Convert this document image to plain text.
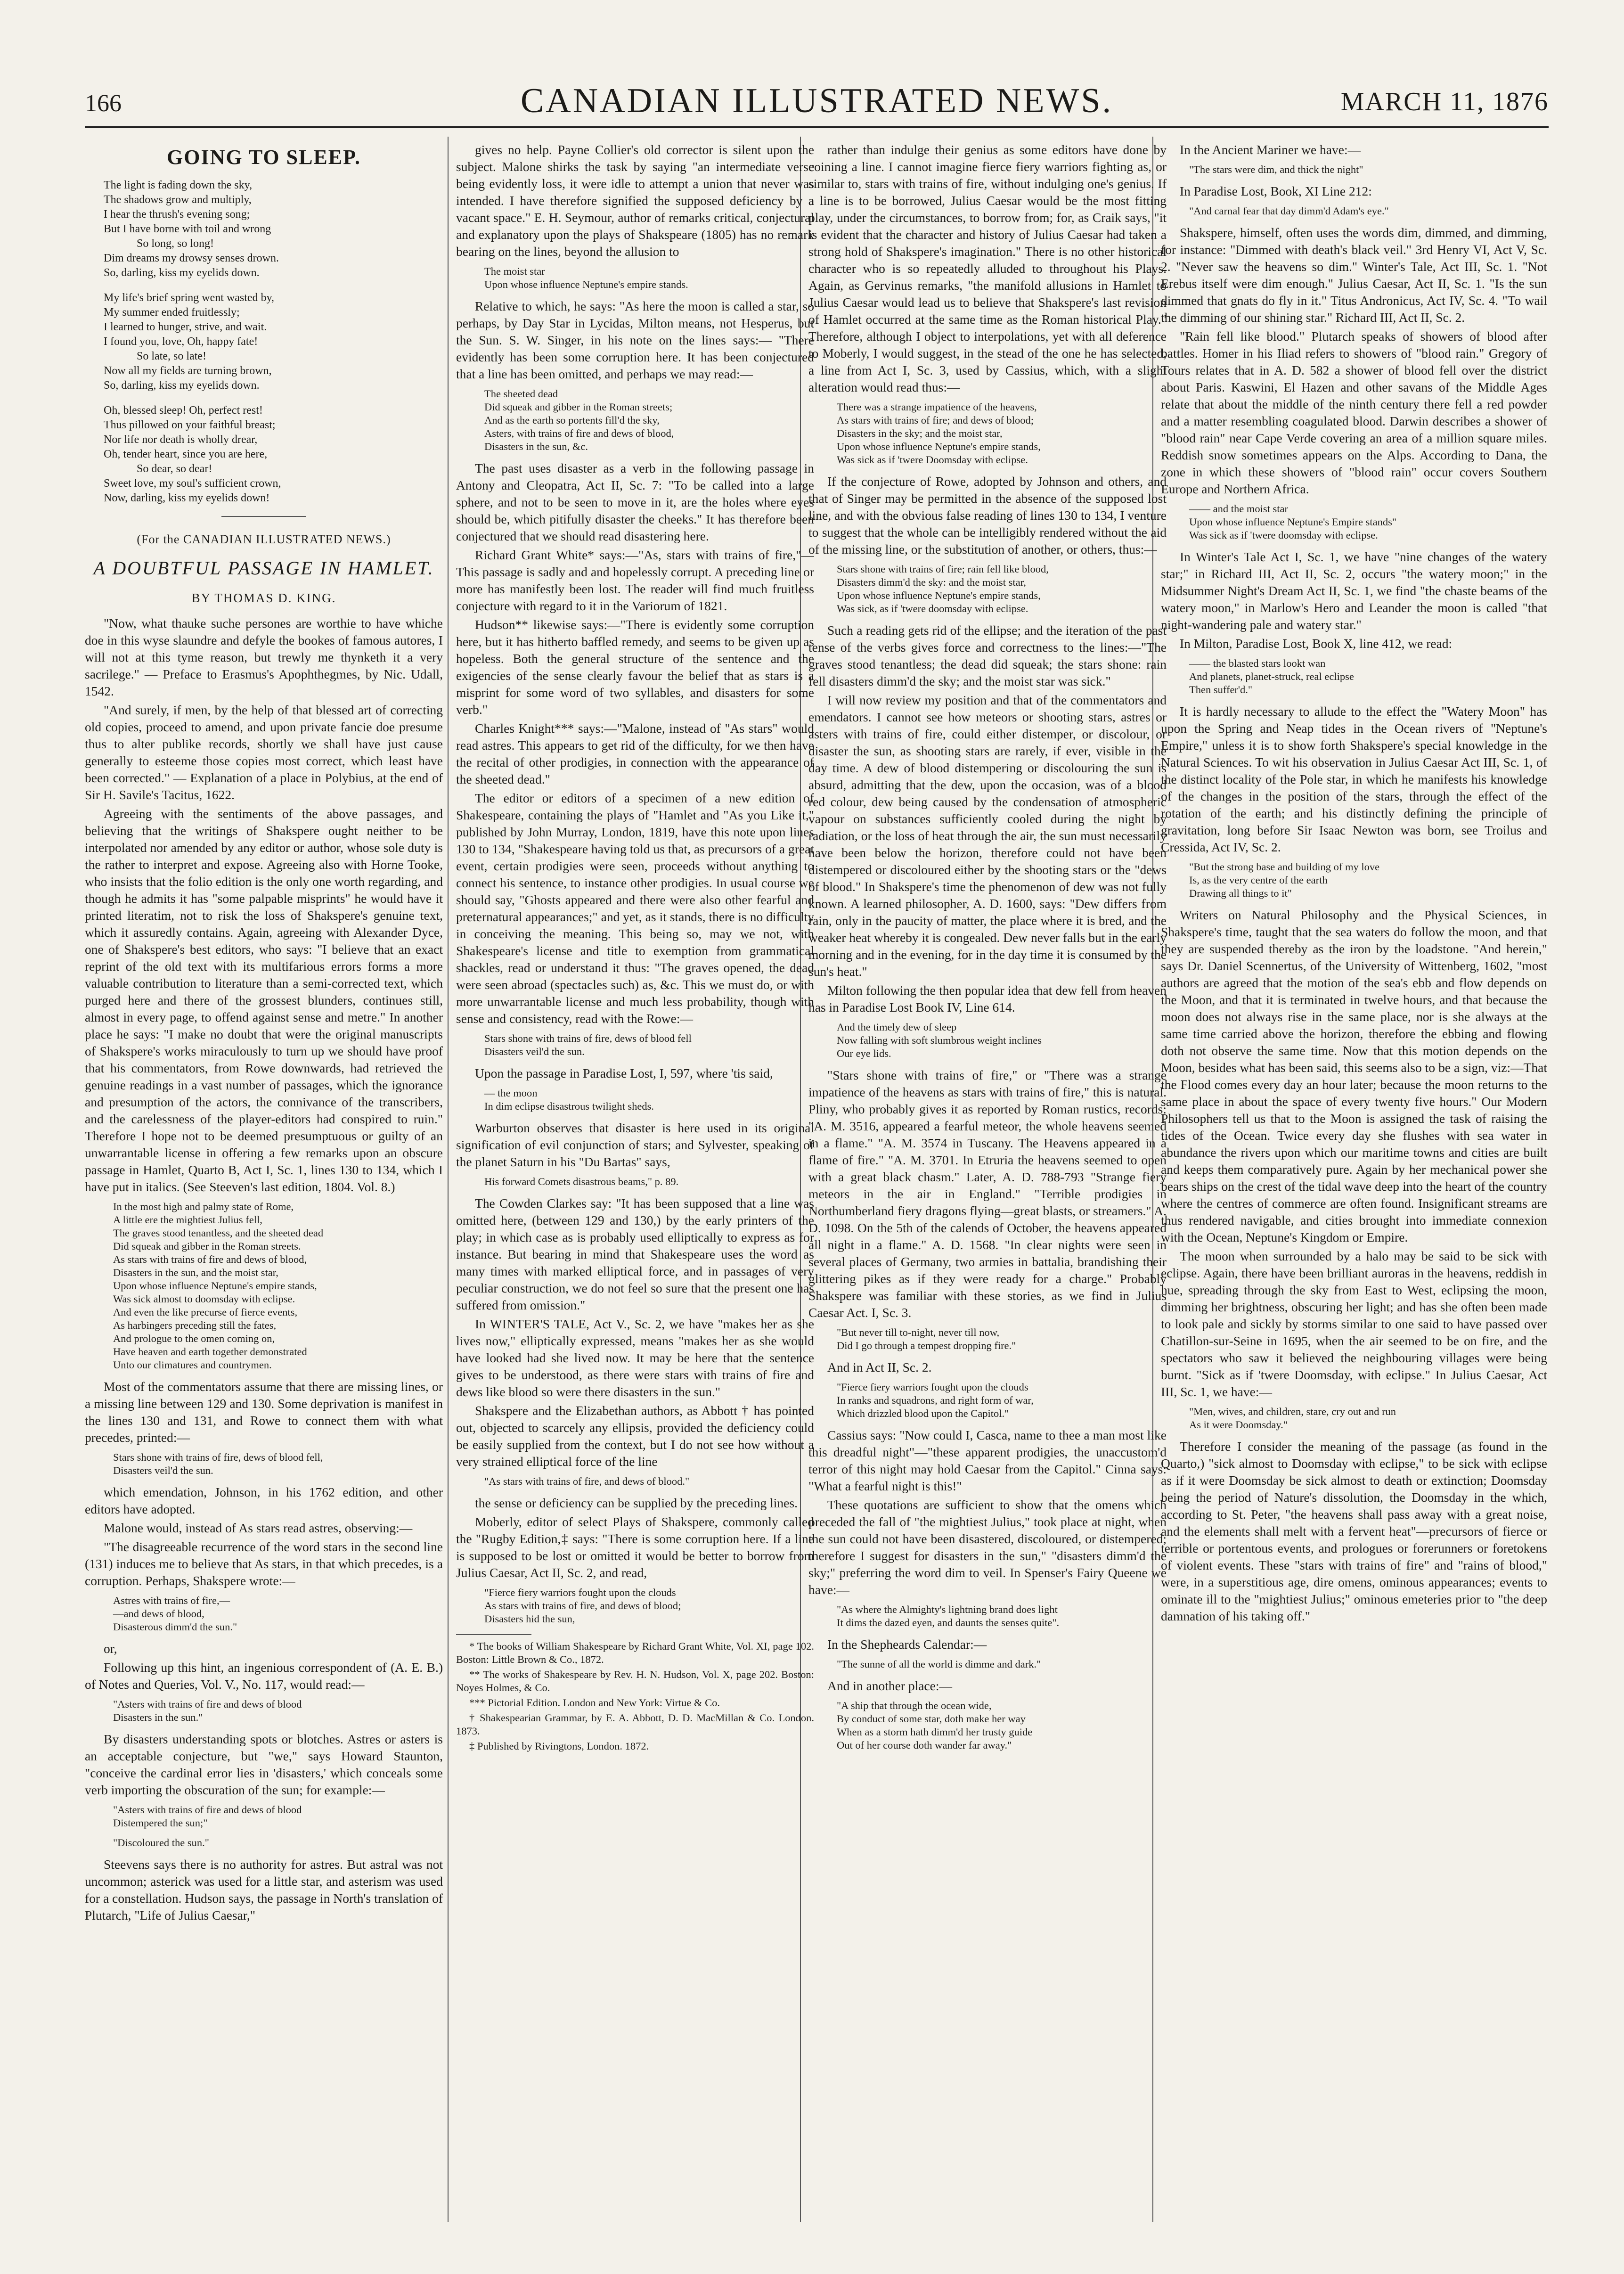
166	CANADIAN ILLUSTRATED NEWS.	MARCH 11, 1876
GOING TO SLEEP.
The light is fading down the sky,
The shadows grow and multiply,
I hear the thrush's evening song;
But I have borne with toil and wrong
So long, so long!
Dim dreams my drowsy senses drown.
So, darling, kiss my eyelids down.
My life's brief spring went wasted by,
My summer ended fruitlessly;
I learned to hunger, strive, and wait.
I found you, love, Oh, happy fate!
So late, so late!
Now all my fields are turning brown,
So, darling, kiss my eyelids down.
Oh, blessed sleep! Oh, perfect rest!
Thus pillowed on your faithful breast;
Nor life nor death is wholly drear,
Oh, tender heart, since you are here,
So dear, so dear!
Sweet love, my soul's sufficient crown,
Now, darling, kiss my eyelids down!
(For the CANADIAN ILLUSTRATED NEWS.)
A DOUBTFUL PASSAGE IN HAMLET.
BY THOMAS D. KING.

"Now, what thauke suche persones are worthie to have whiche doe in this wyse slaundre and defyle the bookes of famous autores, I will not at this tyme reason, but trewly me thynketh it a very sacrilege." — Preface to Erasmus's Apophthegmes, by Nic. Udall, 1542.

"And surely, if men, by the help of that blessed art of correcting old copies, proceed to amend, and upon private fancie doe presume thus to alter publike records, shortly we shall have just cause generally to esteeme those copies most correct, which least have been corrected." — Explanation of a place in Polybius, at the end of Sir H. Savile's Tacitus, 1622.

Agreeing with the sentiments of the above passages, and believing that the writings of Shakspere ought neither to be interpolated nor amended by any editor or author, whose sole duty is the rather to interpret and expose. Agreeing also with Horne Tooke, who insists that the folio edition is the only one worth regarding, and though he admits it has "some palpable misprints" he would have it printed literatim, not to risk the loss of Shakspere's genuine text, which it assuredly contains. Again, agreeing with Alexander Dyce, one of Shakspere's best editors, who says: "I believe that an exact reprint of the old text with its multifarious errors forms a more valuable contribution to literature than a semi-corrected text, which purged here and there of the grossest blunders, continues still, almost in every page, to offend against sense and metre." In another place he says: "I make no doubt that were the original manuscripts of Shakspere's works miraculously to turn up we should have proof that his commentators, from Rowe downwards, had retrieved the genuine readings in a vast number of passages, which the ignorance and presumption of the actors, the connivance of the transcribers, and the carelessness of the player-editors had conspired to ruin." Therefore I hope not to be deemed presumptuous or guilty of an unwarrantable license in offering a few remarks upon an obscure passage in Hamlet, Quarto B, Act I, Sc. 1, lines 130 to 134, which I have put in italics. (See Steeven's last edition, 1804. Vol. 8.)

In the most high and palmy state of Rome,
A little ere the mightiest Julius fell,
The graves stood tenantless, and the sheeted dead
Did squeak and gibber in the Roman streets.
As stars with trains of fire and dews of blood,
Disasters in the sun, and the moist star,
Upon whose influence Neptune's empire stands,
Was sick almost to doomsday with eclipse.
And even the like precurse of fierce events,
As harbingers preceding still the fates,
And prologue to the omen coming on,
Have heaven and earth together demonstrated
Unto our climatures and countrymen.

Most of the commentators assume that there are missing lines, or a missing line between 129 and 130. Some deprivation is manifest in the lines 130 and 131, and Rowe to connect them with what precedes, printed:—

Stars shone with trains of fire, dews of blood fell,
Disasters veil'd the sun.

which emendation, Johnson, in his 1762 edition, and other editors have adopted.

Malone would, instead of As stars read astres, observing:—

"The disagreeable recurrence of the word stars in the second line (131) induces me to believe that As stars, in that which precedes, is a corruption. Perhaps, Shakspere wrote:—

Astres with trains of fire,—
—and dews of blood,
Disasterous dimm'd the sun."

or,

Following up this hint, an ingenious correspondent of (A. E. B.) of Notes and Queries, Vol. V., No. 117, would read:—

"Asters with trains of fire and dews of blood
Disasters in the sun."

By disasters understanding spots or blotches. Astres or asters is an acceptable conjecture, but "we," says Howard Staunton, "conceive the cardinal error lies in 'disasters,' which conceals some verb importing the obscuration of the sun; for example:—

"Asters with trains of fire and dews of blood
Distempered the sun;"
"Discoloured the sun."

Steevens says there is no authority for astres. But astral was not uncommon; asterick was used for a little star, and asterism was used for a constellation. Hudson says, the passage in North's translation of Plutarch, "Life of Julius Caesar,"

gives no help. Payne Collier's old corrector is silent upon the subject. Malone shirks the task by saying "an intermediate verse being evidently loss, it were idle to attempt a union that never was intended. I have therefore signified the supposed deficiency by a vacant space." E. H. Seymour, author of remarks critical, conjectural and explanatory upon the plays of Shakspeare (1805) has no remark bearing on the lines, beyond the allusion to

The moist star
Upon whose influence Neptune's empire stands.

Relative to which, he says: "As here the moon is called a star, so perhaps, by Day Star in Lycidas, Milton means, not Hesperus, but the Sun. S. W. Singer, in his note on the lines says:— "There evidently has been some corruption here. It has been conjectured that a line has been omitted, and perhaps we may read:—

The sheeted dead
Did squeak and gibber in the Roman streets;
And as the earth so portents fill'd the sky,
Asters, with trains of fire and dews of blood,
Disasters in the sun, &c.

The past uses disaster as a verb in the following passage in Antony and Cleopatra, Act II, Sc. 7: "To be called into a large sphere, and not to be seen to move in it, are the holes where eyes should be, which pitifully disaster the cheeks." It has therefore been conjectured that we should read disastering here.

Richard Grant White* says:—"As, stars with trains of fire,"— This passage is sadly and and hopelessly corrupt. A preceding line or more has manifestly been lost. The reader will find much fruitless conjecture with regard to it in the Variorum of 1821.

Hudson** likewise says:—"There is evidently some corruption here, but it has hitherto baffled remedy, and seems to be given up as hopeless. Both the general structure of the sentence and the exigencies of the sense clearly favour the belief that as stars is a misprint for some word of two syllables, and disasters for some verb."

Charles Knight*** says:—"Malone, instead of "As stars" would read astres. This appears to get rid of the difficulty, for we then have the recital of other prodigies, in connection with the appearance of the sheeted dead."

The editor or editors of a specimen of a new edition of Shakespeare, containing the plays of "Hamlet and "As you Like it," published by John Murray, London, 1819, have this note upon lines 130 to 134, "Shakespeare having told us that, as precursors of a great event, certain prodigies were seen, proceeds without anything to connect his sentence, to instance other prodigies. In usual course we should say, "Ghosts appeared and there were also other fearful and preternatural appearances;" and yet, as it stands, there is no difficulty in conceiving the meaning. This being so, may we not, with Shakespeare's license and title to exemption from grammatical shackles, read or understand it thus: "The graves opened, the dead were seen abroad (spectacles such) as, &c. This we must do, or with more unwarrantable license and much less probability, though with sense and consistency, read with the Rowe:—

Stars shone with trains of fire, dews of blood fell
Disasters veil'd the sun.

Upon the passage in Paradise Lost, I, 597, where 'tis said,

— the moon
In dim eclipse disastrous twilight sheds.

Warburton observes that disaster is here used in its original signification of evil conjunction of stars; and Sylvester, speaking of the planet Saturn in his "Du Bartas" says,

His forward Comets disastrous beams," p. 89.

The Cowden Clarkes say: "It has been supposed that a line was omitted here, (between 129 and 130,) by the early printers of the play; in which case as is probably used elliptically to express as for instance. But bearing in mind that Shakespeare uses the word as many times with marked elliptical force, and in passages of very peculiar construction, we do not feel so sure that the present one has suffered from omission."

In WINTER'S TALE, Act V., Sc. 2, we have "makes her as she lives now," elliptically expressed, means "makes her as she would have looked had she lived now. It may be here that the sentence gives to be understood, as there were stars with trains of fire and dews like blood so were there disasters in the sun."

Shakspere and the Elizabethan authors, as Abbott † has pointed out, objected to scarcely any ellipsis, provided the deficiency could be easily supplied from the context, but I do not see how without a very strained elliptical force of the line

"As stars with trains of fire, and dews of blood."

the sense or deficiency can be supplied by the preceding lines.

Moberly, editor of select Plays of Shakspere, commonly called the "Rugby Edition,‡ says: "There is some corruption here. If a line is supposed to be lost or omitted it would be better to borrow from Julius Caesar, Act II, Sc. 2, and read,

"Fierce fiery warriors fought upon the clouds
As stars with trains of fire, and dews of blood;
Disasters hid the sun,

* The books of William Shakespeare by Richard Grant White, Vol. XI, page 102. Boston: Little Brown & Co., 1872.

** The works of Shakespeare by Rev. H. N. Hudson, Vol. X, page 202. Boston: Noyes Holmes, & Co.

*** Pictorial Edition. London and New York: Virtue & Co.

† Shakespearian Grammar, by E. A. Abbott, D. D. MacMillan & Co. London. 1873.

‡ Published by Rivingtons, London. 1872.

rather than indulge their genius as some editors have done by coining a line. I cannot imagine fierce fiery warriors fighting as, or similar to, stars with trains of fire, without indulging one's genius. If a line is to be borrowed, Julius Caesar would be the most fitting play, under the circumstances, to borrow from; for, as Craik says, "it is evident that the character and history of Julius Caesar had taken a strong hold of Shakspere's imagination." There is no other historical character who is so repeatedly alluded to throughout his Plays. Again, as Gervinus remarks, "the manifold allusions in Hamlet to Julius Caesar would lead us to believe that Shakspere's last revision of Hamlet occurred at the same time as the Roman historical Play." Therefore, although I object to interpolations, yet with all deference to Moberly, I would suggest, in the stead of the one he has selected, a line from Act I, Sc. 3, used by Cassius, which, with a slight alteration would read thus:—

There was a strange impatience of the heavens,
As stars with trains of fire; and dews of blood;
Disasters in the sky; and the moist star,
Upon whose influence Neptune's empire stands,
Was sick as if 'twere Doomsday with eclipse.

If the conjecture of Rowe, adopted by Johnson and others, and that of Singer may be permitted in the absence of the supposed lost line, and with the obvious false reading of lines 130 to 134, I venture to suggest that the whole can be intelligibly rendered without the aid of the missing line, or the substitution of another, or others, thus:—

Stars shone with trains of fire; rain fell like blood,
Disasters dimm'd the sky: and the moist star,
Upon whose influence Neptune's empire stands,
Was sick, as if 'twere doomsday with eclipse.

Such a reading gets rid of the ellipse; and the iteration of the past tense of the verbs gives force and correctness to the lines:—"The graves stood tenantless; the dead did squeak; the stars shone: rain fell disasters dimm'd the sky; and the moist star was sick."

I will now review my position and that of the commentators and emendators. I cannot see how meteors or shooting stars, astres or asters with trains of fire, could either distemper, or discolour, or disaster the sun, as shooting stars are rarely, if ever, visible in the day time. A dew of blood distempering or discolouring the sun is absurd, admitting that the dew, upon the occasion, was of a blood red colour, dew being caused by the condensation of atmospheric vapour on substances sufficiently cooled during the night by radiation, or the loss of heat through the air, the sun must necessarily have been below the horizon, therefore could not have been distempered or discoloured either by the shooting stars or the "dews of blood." In Shakspere's time the phenomenon of dew was not fully known. A learned philosopher, A. D. 1600, says: "Dew differs from rain, only in the paucity of matter, the place where it is bred, and the weaker heat whereby it is congealed. Dew never falls but in the early morning and in the evening, for in the day time it is consumed by the sun's heat."

Milton following the then popular idea that dew fell from heaven has in Paradise Lost Book IV, Line 614.

And the timely dew of sleep
Now falling with soft slumbrous weight inclines
Our eye lids.

"Stars shone with trains of fire," or "There was a strange impatience of the heavens as stars with trains of fire," this is natural. Pliny, who probably gives it as reported by Roman rustics, records: "A. M. 3516, appeared a fearful meteor, the whole heavens seemed in a flame." "A. M. 3574 in Tuscany. The Heavens appeared in a flame of fire." "A. M. 3701. In Etruria the heavens seemed to open with a great black chasm." Later, A. D. 788-793 "Strange fiery meteors in the air in England." "Terrible prodigies in Northumberland fiery dragons flying—great blasts, or streamers." A. D. 1098. On the 5th of the calends of October, the heavens appeared all night in a flame." A. D. 1568. "In clear nights were seen in several places of Germany, two armies in battalia, brandishing their glittering pikes as if they were ready for a charge." Probably Shakspere was familiar with these stories, as we find in Julius Caesar Act. I, Sc. 3.

"But never till to-night, never till now,
Did I go through a tempest dropping fire."

And in Act II, Sc. 2.

"Fierce fiery warriors fought upon the clouds
In ranks and squadrons, and right form of war,
Which drizzled blood upon the Capitol."

Cassius says: "Now could I, Casca, name to thee a man most like this dreadful night"—"these apparent prodigies, the unaccustom'd terror of this night may hold Caesar from the Capitol." Cinna says: "What a fearful night is this!"

These quotations are sufficient to show that the omens which preceded the fall of "the mightiest Julius," took place at night, when the sun could not have been disastered, discoloured, or distempered; therefore I suggest for disasters in the sun," "disasters dimm'd the sky;" preferring the word dim to veil. In Spenser's Fairy Queene we have:—

"As where the Almighty's lightning brand does light
It dims the dazed eyen, and daunts the senses quite".

In the Shepheards Calendar:—

"The sunne of all the world is dimme and dark."

And in another place:—

"A ship that through the ocean wide,
By conduct of some star, doth make her way
When as a storm hath dimm'd her trusty guide
Out of her course doth wander far away."

In the Ancient Mariner we have:—

"The stars were dim, and thick the night"

In Paradise Lost, Book, XI Line 212:

"And carnal fear that day dimm'd Adam's eye."

Shakspere, himself, often uses the words dim, dimmed, and dimming, for instance: "Dimmed with death's black veil." 3rd Henry VI, Act V, Sc. 2. "Never saw the heavens so dim." Winter's Tale, Act III, Sc. 1. "Not Erebus itself were dim enough." Julius Caesar, Act II, Sc. 1. "Is the sun dimmed that gnats do fly in it." Titus Andronicus, Act IV, Sc. 4. "To wail the dimming of our shining star." Richard III, Act II, Sc. 2.

"Rain fell like blood." Plutarch speaks of showers of blood after battles. Homer in his Iliad refers to showers of "blood rain." Gregory of Tours relates that in A. D. 582 a shower of blood fell over the district about Paris. Kaswini, El Hazen and other savans of the Middle Ages relate that about the middle of the ninth century there fell a red powder and a matter resembling coagulated blood. Darwin describes a shower of "blood rain" near Cape Verde covering an area of a million square miles. Reddish snow sometimes appears on the Alps. According to Dana, the zone in which these showers of "blood rain" occur covers Southern Europe and Northern Africa.

—— and the moist star
Upon whose influence Neptune's Empire stands"
Was sick as if 'twere doomsday with eclipse.

In Winter's Tale Act I, Sc. 1, we have "nine changes of the watery star;" in Richard III, Act II, Sc. 2, occurs "the watery moon;" in the Midsummer Night's Dream Act II, Sc. 1, we find "the chaste beams of the watery moon," in Marlow's Hero and Leander the moon is called "that night-wandering pale and watery star."

In Milton, Paradise Lost, Book X, line 412, we read:

—— the blasted stars lookt wan
And planets, planet-struck, real eclipse
Then suffer'd."

It is hardly necessary to allude to the effect the "Watery Moon" has upon the Spring and Neap tides in the Ocean rivers of "Neptune's Empire," unless it is to show forth Shakspere's special knowledge in the Natural Sciences. To wit his observation in Julius Caesar Act III, Sc. 1, of the distinct locality of the Pole star, in which he manifests his knowledge of the changes in the position of the stars, through the effect of the rotation of the earth; and his distinctly defining the principle of gravitation, long before Sir Isaac Newton was born, see Troilus and Cressida, Act IV, Sc. 2.

"But the strong base and building of my love
Is, as the very centre of the earth
Drawing all things to it"

Writers on Natural Philosophy and the Physical Sciences, in Shakspere's time, taught that the sea waters do follow the moon, and that they are suspended thereby as the iron by the loadstone. "And herein," says Dr. Daniel Scennertus, of the University of Wittenberg, 1602, "most authors are agreed that the motion of the sea's ebb and flow depends on the Moon, and that it is terminated in twelve hours, and that because the moon does not always rise in the same place, nor is she always at the same time carried above the horizon, therefore the ebbing and flowing doth not observe the same time. Now that this motion depends on the Moon, besides what has been said, this seems also to be a sign, viz:—That the Flood comes every day an hour later; because the moon returns to the same place in about the space of every twenty five hours." Our Modern Philosophers tell us that to the Moon is assigned the task of raising the tides of the Ocean. Twice every day she flushes with sea water in abundance the rivers upon which our maritime towns and cities are built and keeps them comparatively pure. Again by her mechanical power she bears ships on the crest of the tidal wave deep into the heart of the country where the centres of commerce are often found. Insignificant streams are thus rendered navigable, and cities brought into immediate connexion with the Ocean, Neptune's Kingdom or Empire.

The moon when surrounded by a halo may be said to be sick with eclipse. Again, there have been brilliant auroras in the heavens, reddish in hue, spreading through the sky from East to West, eclipsing the moon, dimming her brightness, obscuring her light; and has she often been made to look pale and sickly by storms similar to one said to have passed over Chatillon-sur-Seine in 1695, when the air seemed to be on fire, and the spectators who saw it believed the neighbouring villages were being burnt. "Sick as if 'twere Doomsday, with eclipse." In Julius Caesar, Act III, Sc. 1, we have:—

"Men, wives, and children, stare, cry out and run
As it were Doomsday."

Therefore I consider the meaning of the passage (as found in the Quarto,) "sick almost to Doomsday with eclipse," to be sick with eclipse as if it were Doomsday be sick almost to death or extinction; Doomsday being the period of Nature's dissolution, the Doomsday in the which, according to St. Peter, "the heavens shall pass away with a great noise, and the elements shall melt with a fervent heat"—precursors of fierce or terrible or portentous events, and prologues or forerunners or foretokens of violent events. These "stars with trains of fire" and "rains of blood," were, in a superstitious age, dire omens, ominous appearances; events to ominate ill to the "mightiest Julius;" ominous emeteries prior to "the deep damnation of his taking off."
